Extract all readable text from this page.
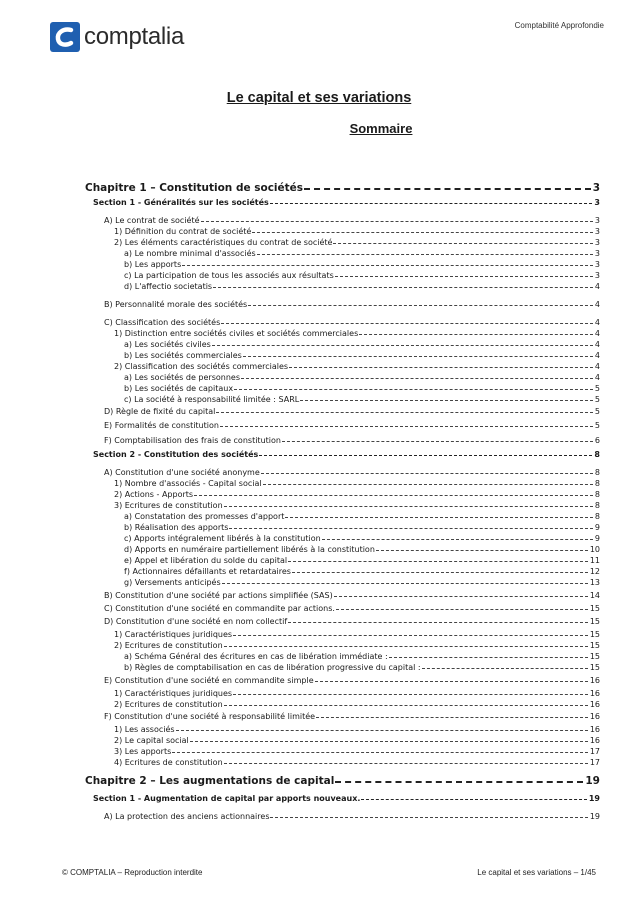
comptalia	Comptabilité Approfondie
Le capital et ses variations
Sommaire
Chapitre 1 – Constitution de sociétés	3
Section 1 - Généralités sur les sociétés	3
A) Le contrat de société	3
1) Définition du contrat de société	3
2) Les éléments caractéristiques du contrat de société	3
a) Le nombre minimal d'associés	3
b) Les apports	3
c) La participation de tous les associés aux résultats	3
d) L'affectio societatis	4
B) Personnalité morale des sociétés	4
C) Classification des sociétés	4
1) Distinction entre sociétés civiles et sociétés commerciales	4
a) Les sociétés civiles	4
b) Les sociétés commerciales	4
2) Classification des sociétés commerciales	4
a) Les sociétés de personnes	4
b) Les sociétés de capitaux	5
c) La société à responsabilité limitée : SARL	5
D) Règle de fixité du capital	5
E) Formalités de constitution	5
F) Comptabilisation des frais de constitution	6
Section 2 - Constitution des sociétés	8
A) Constitution d'une société anonyme	8
1) Nombre d'associés - Capital social	8
2) Actions - Apports	8
3) Ecritures de constitution	8
a) Constatation des promesses d'apport	8
b) Réalisation des apports	9
c) Apports intégralement libérés à la constitution	9
d) Apports en numéraire partiellement libérés à la constitution	10
e) Appel et libération du solde du capital	11
f) Actionnaires défaillants et retardataires	12
g) Versements anticipés	13
B) Constitution d'une société par actions simplifiée (SAS)	14
C) Constitution d'une société en commandite par actions.	15
D) Constitution d'une société en nom collectif	15
1) Caractéristiques juridiques	15
2) Ecritures de constitution	15
a) Schéma Général des écritures en cas de libération immédiate :	15
b) Règles de comptabilisation en cas de libération progressive du capital :	15
E) Constitution d'une société en commandite simple	16
1) Caractéristiques juridiques	16
2) Ecritures de constitution	16
F) Constitution d'une société à responsabilité limitée	16
1) Les associés	16
2) Le capital social	16
3) Les apports	17
4) Ecritures de constitution	17
Chapitre 2 – Les augmentations de capital	19
Section 1 - Augmentation de capital par apports nouveaux.	19
A) La protection des anciens actionnaires	19
© COMPTALIA – Reproduction interdite	Le capital et ses variations – 1/45
